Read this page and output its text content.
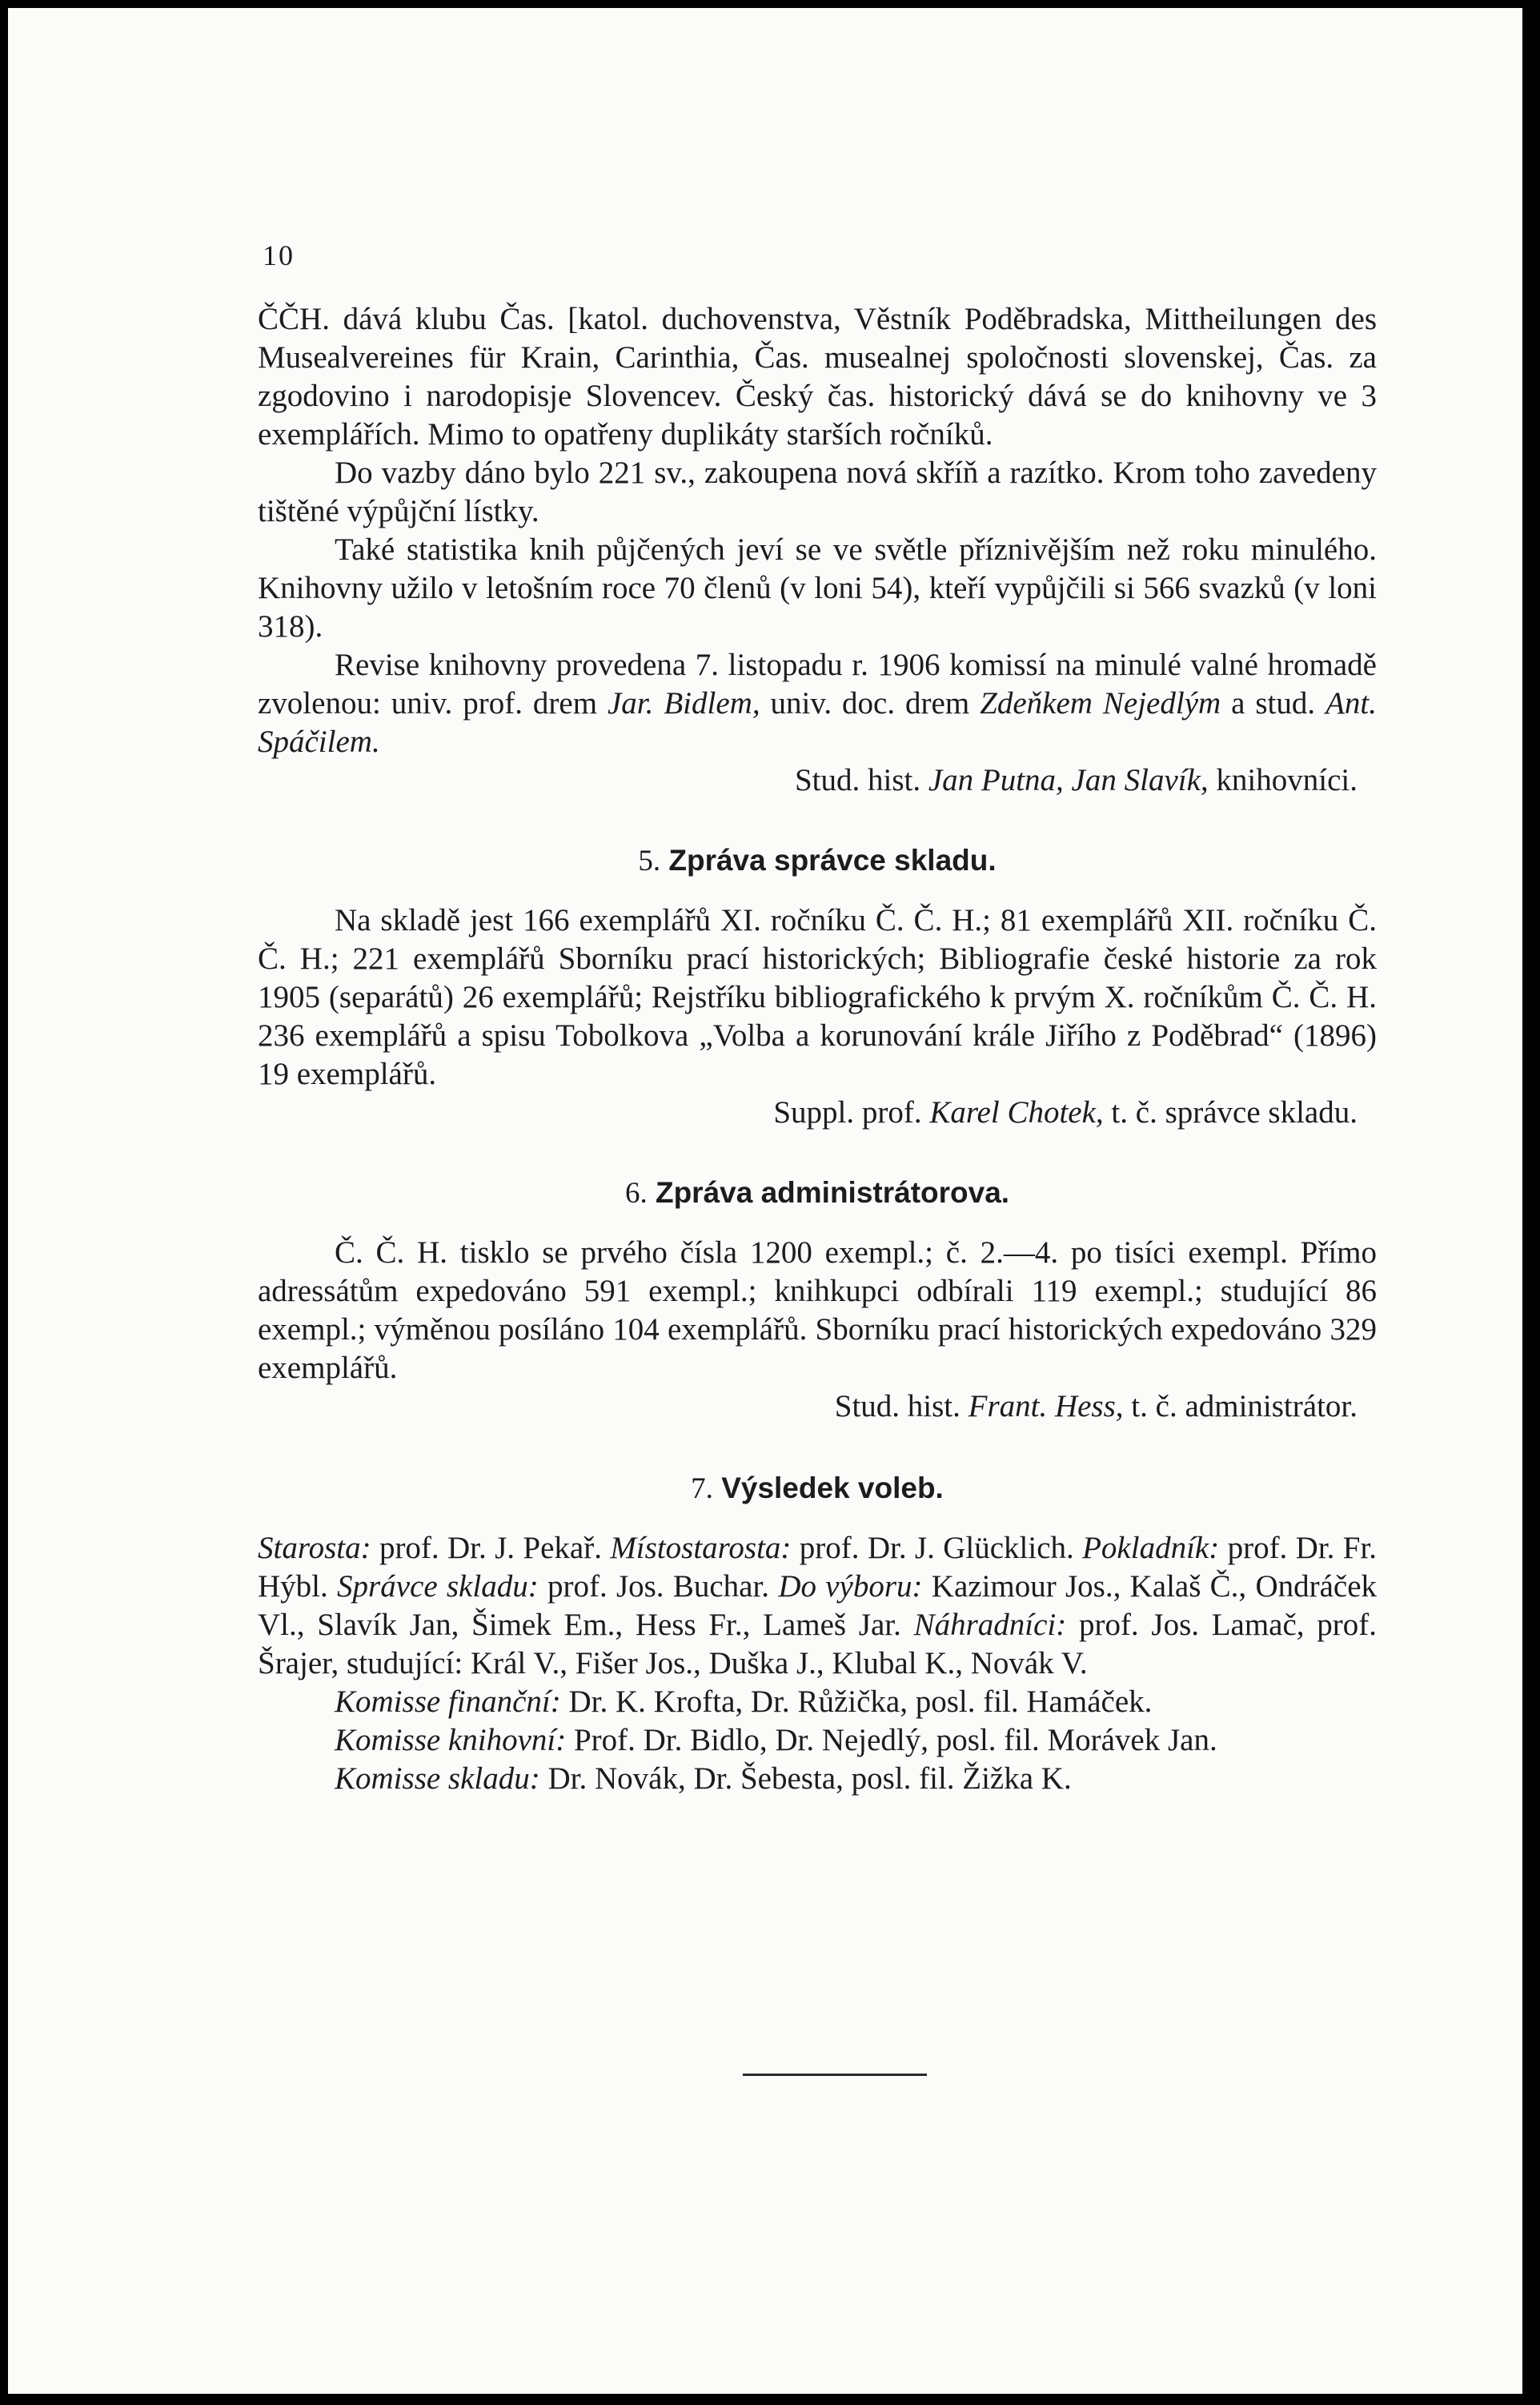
10

ČČH. dává klubu Čas. [katol. duchovenstva, Věstník Poděbradska, Mittheilungen des Musealvereines für Krain, Carinthia, Čas. musealnej spoločnosti slovenskej, Čas. za zgodovino i narodopisje Slovencev. Český čas. historický dává se do knihovny ve 3 exemplářích. Mimo to opatřeny duplikáty starších ročníků.

Do vazby dáno bylo 221 sv., zakoupena nová skříň a razítko. Krom toho zavedeny tištěné výpůjční lístky.

Také statistika knih půjčených jeví se ve světle příznivějším než roku minulého. Knihovny užilo v letošním roce 70 členů (v loni 54), kteří vypůjčili si 566 svazků (v loni 318).

Revise knihovny provedena 7. listopadu r. 1906 komissí na minulé valné hromadě zvolenou: univ. prof. drem Jar. Bidlem, univ. doc. drem Zdeňkem Nejedlým a stud. Ant. Spáčilem.

Stud. hist. Jan Putna, Jan Slavík, knihovníci.

5. Zpráva správce skladu.

Na skladě jest 166 exemplářů XI. ročníku Č. Č. H.; 81 exemplářů XII. ročníku Č. Č. H.; 221 exemplářů Sborníku prací historických; Bibliografie české historie za rok 1905 (separátů) 26 exemplářů; Rejstříku bibliografického k prvým X. ročníkům Č. Č. H. 236 exemplářů a spisu Tobolkova „Volba a korunování krále Jiřího z Poděbrad“ (1896) 19 exemplářů.

Suppl. prof. Karel Chotek, t. č. správce skladu.

6. Zpráva administrátorova.

Č. Č. H. tisklo se prvého čísla 1200 exempl.; č. 2.—4. po tisíci exempl. Přímo adressátům expedováno 591 exempl.; knihkupci odbírali 119 exempl.; studující 86 exempl.; výměnou posíláno 104 exemplářů. Sborníku prací historických expedováno 329 exemplářů.

Stud. hist. Frant. Hess, t. č. administrátor.

7. Výsledek voleb.

Starosta: prof. Dr. J. Pekař. Místostarosta: prof. Dr. J. Glücklich. Pokladník: prof. Dr. Fr. Hýbl. Správce skladu: prof. Jos. Buchar. Do výboru: Kazimour Jos., Kalaš Č., Ondráček Vl., Slavík Jan, Šimek Em., Hess Fr., Lameš Jar. Náhradníci: prof. Jos. Lamač, prof. Šrajer, studující: Král V., Fišer Jos., Duška J., Klubal K., Novák V.

Komisse finanční: Dr. K. Krofta, Dr. Růžička, posl. fil. Hamáček.

Komisse knihovní: Prof. Dr. Bidlo, Dr. Nejedlý, posl. fil. Morávek Jan.

Komisse skladu: Dr. Novák, Dr. Šebesta, posl. fil. Žižka K.
